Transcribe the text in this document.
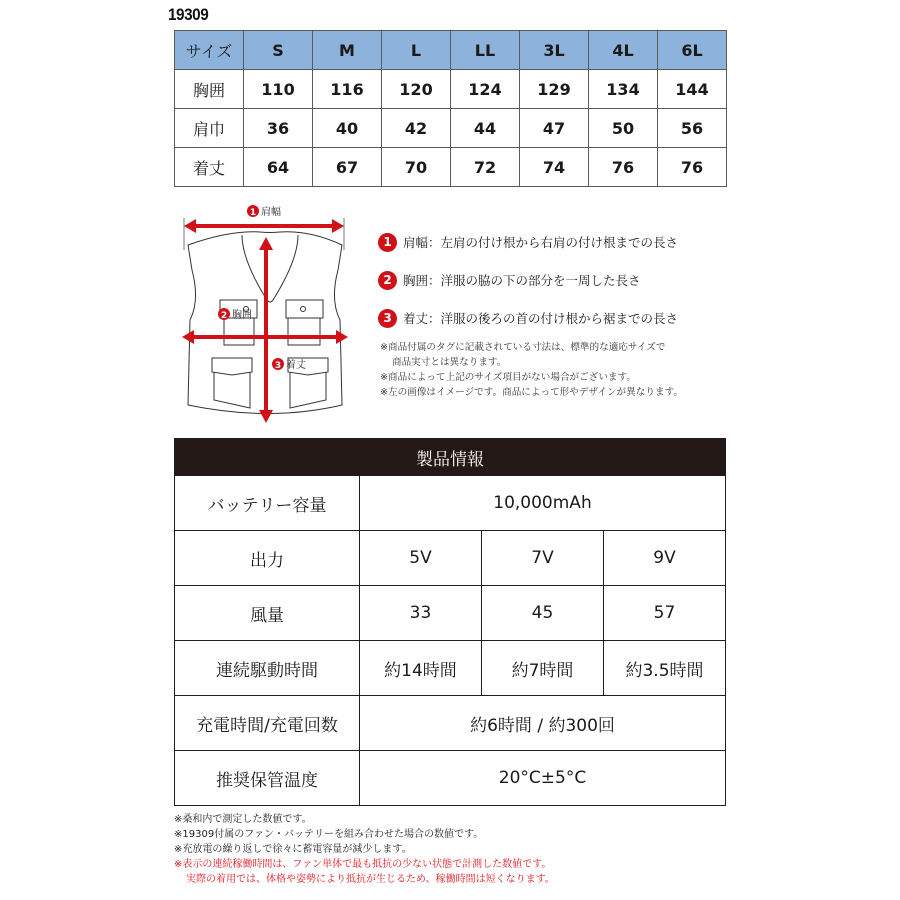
19309
サイズ	S	M	L	LL	3L	4L	6L
胸囲	110	116	120	124	129	134	144
肩巾	36	40	42	44	47	50	56
着丈	64	67	70	72	74	76	76
1 肩幅
2 胸囲
3 着丈
1 肩幅 ：左肩の付け根から右肩の付け根までの長さ
2 胸囲 ：洋服の脇の下の部分を一周した長さ
3 着丈 ：洋服の後ろの首の付け根から裾までの長さ
※商品付属のタグに記載されている寸法は、標準的な適応サイズで
商品実寸とは異なります。
※商品によって上記のサイズ項目がない場合がございます。
※左の画像はイメージです。商品によって形やデザインが異なります。
製品情報			
バッテリー容量	10,000mAh		
出力	5V	7V	9V
風量	33	45	57
連続駆動時間	約14時間	約7時間	約3.5時間
充電時間/充電回数	約6時間 / 約300回		
推奨保管温度	20°C±5°C		
※桑和内で測定した数値です。
※19309付属のファン・バッテリーを組み合わせた場合の数値です。
※充放電の繰り返しで徐々に蓄電容量が減少します。
※表示の連続稼働時間は、ファン単体で最も抵抗の少ない状態で計測した数値です。
実際の着用では、体格や姿勢により抵抗が生じるため、稼働時間は短くなります。
